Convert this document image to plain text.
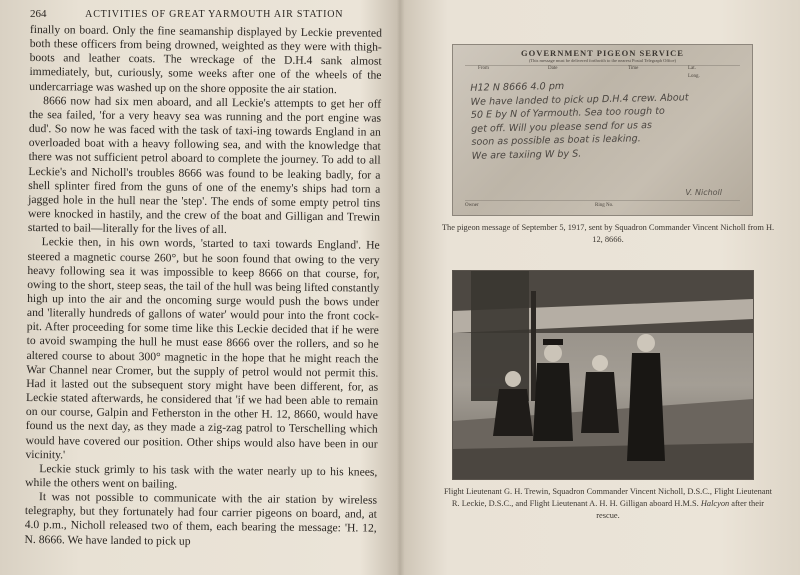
264	ACTIVITIES OF GREAT YARMOUTH AIR STATION

finally on board. Only the fine seamanship displayed by Leckie prevented both these officers from being drowned, weighted as they were with thigh-boots and leather coats. The wreckage of the D.H.4 sank almost immediately, but, curiously, some weeks after one of the wheels of the undercarriage was washed up on the shore opposite the air station.

8666 now had six men aboard, and all Leckie's attempts to get her off the sea failed, 'for a very heavy sea was running and the port engine was dud'. So now he was faced with the task of taxi-ing towards England in an overloaded boat with a heavy following sea, and with the knowledge that there was not sufficient petrol aboard to complete the journey. To add to all Leckie's and Nicholl's troubles 8666 was found to be leaking badly, for a shell splinter fired from the guns of one of the enemy's ships had torn a jagged hole in the hull near the 'step'. The ends of some empty petrol tins were knocked in hastily, and the crew of the boat and Gilligan and Trewin started to bail—literally for the lives of all.

Leckie then, in his own words, 'started to taxi towards England'. He steered a magnetic course 260°, but he soon found that owing to the very heavy following sea it was impossible to keep 8666 on that course, for, owing to the short, steep seas, the tail of the hull was being lifted constantly high up into the air and the oncoming surge would push the bows under and 'literally hundreds of gallons of water' would pour into the front cock-pit. After proceeding for some time like this Leckie decided that if he were to avoid swamping the hull he must ease 8666 over the rollers, and so he altered course to about 300° magnetic in the hope that he might reach the War Channel near Cromer, but the supply of petrol would not permit this. Had it lasted out the subsequent story might have been different, for, as Leckie stated afterwards, he considered that 'if we had been able to remain on our course, Galpin and Fetherston in the other H. 12, 8660, would have found us the next day, as they made a zig-zag patrol to Terschelling which would have covered our position. Other ships would also have been in our vicinity.'

Leckie stuck grimly to his task with the water nearly up to his knees, while the others went on bailing.

It was not possible to communicate with the air station by wireless telegraphy, but they fortunately had four carrier pigeons on board, and, at 4.0 p.m., Nicholl released two of them, each bearing the message: 'H. 12, N. 8666. We have landed to pick up

GOVERNMENT PIGEON SERVICE
(This message must be delivered forthwith to the nearest Postal Telegraph Office)
From	Date	Time	Lat.
Long.
H12 N 8666 4.0 pm
We have landed to pick up D.H.4 crew. About
50 E by N of Yarmouth. Sea too rough to
get off. Will you please send for us as
soon as possible as boat is leaking.
We are taxiing W by S.
V. Nicholl
Owner	Ring No.
The pigeon message of September 5, 1917, sent by Squadron Commander Vincent Nicholl from H. 12, 8666.
Flight Lieutenant G. H. Trewin, Squadron Commander Vincent Nicholl, D.S.C., Flight Lieutenant R. Leckie, D.S.C., and Flight Lieutenant A. H. H. Gilligan aboard H.M.S. Halcyon after their rescue.
